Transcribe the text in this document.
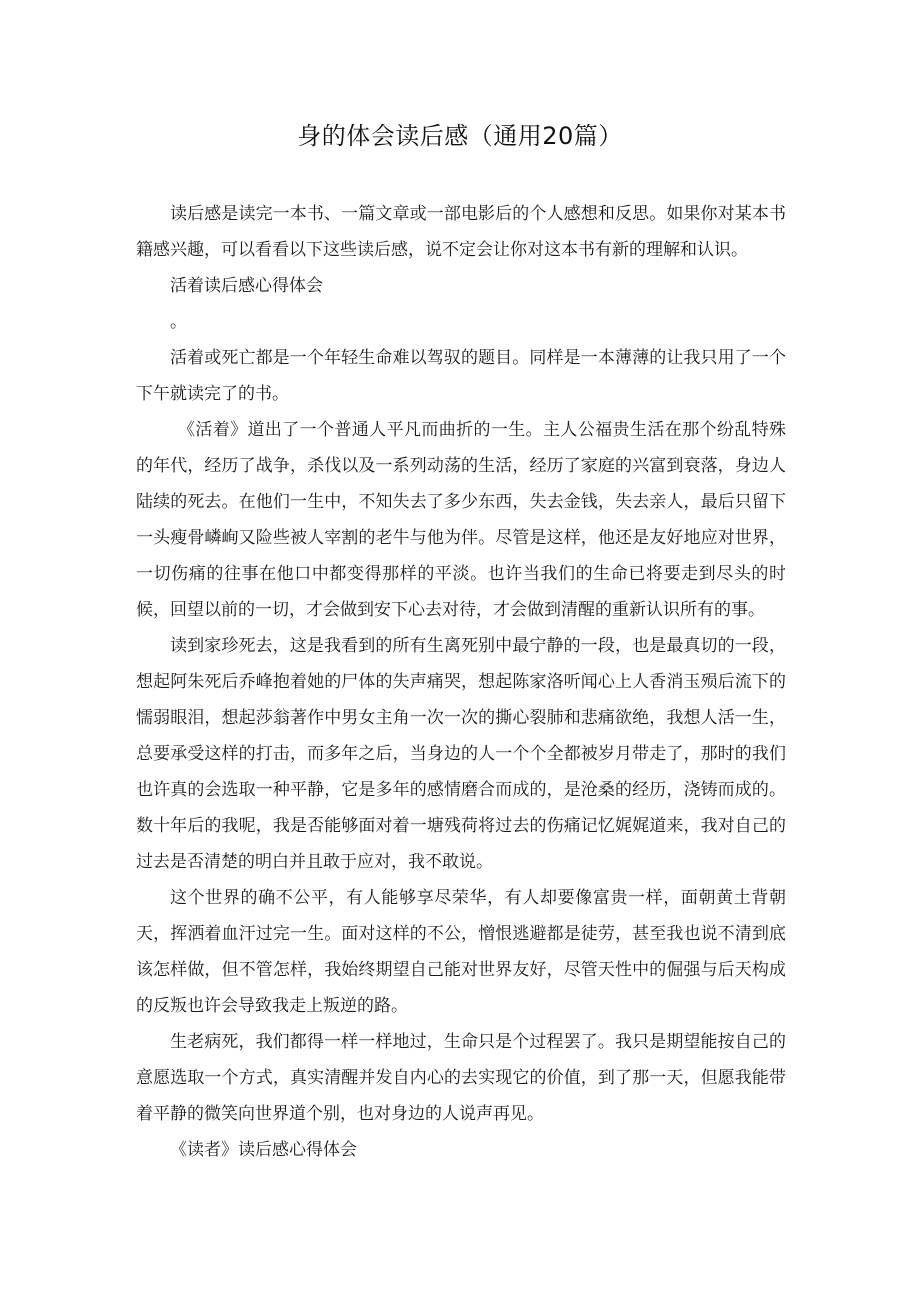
身的体会读后感（通用20篇）

读后感是读完一本书、一篇文章或一部电影后的个人感想和反思。如果你对某本书籍感兴趣，可以看看以下这些读后感，说不定会让你对这本书有新的理解和认识。

活着读后感心得体会

。

活着或死亡都是一个年轻生命难以驾驭的题目。同样是一本薄薄的让我只用了一个下午就读完了的书。

《活着》道出了一个普通人平凡而曲折的一生。主人公福贵生活在那个纷乱特殊的年代，经历了战争，杀伐以及一系列动荡的生活，经历了家庭的兴富到衰落，身边人陆续的死去。在他们一生中，不知失去了多少东西，失去金钱，失去亲人，最后只留下一头瘦骨嶙峋又险些被人宰割的老牛与他为伴。尽管是这样，他还是友好地应对世界，一切伤痛的往事在他口中都变得那样的平淡。也许当我们的生命已将要走到尽头的时候，回望以前的一切，才会做到安下心去对待，才会做到清醒的重新认识所有的事。

读到家珍死去，这是我看到的所有生离死别中最宁静的一段，也是最真切的一段，想起阿朱死后乔峰抱着她的尸体的失声痛哭，想起陈家洛听闻心上人香消玉殒后流下的懦弱眼泪，想起莎翁著作中男女主角一次一次的撕心裂肺和悲痛欲绝，我想人活一生，总要承受这样的打击，而多年之后，当身边的人一个个全都被岁月带走了，那时的我们也许真的会选取一种平静，它是多年的感情磨合而成的，是沧桑的经历，浇铸而成的。数十年后的我呢，我是否能够面对着一塘残荷将过去的伤痛记忆娓娓道来，我对自己的过去是否清楚的明白并且敢于应对，我不敢说。

这个世界的确不公平，有人能够享尽荣华，有人却要像富贵一样，面朝黄土背朝天，挥洒着血汗过完一生。面对这样的不公，憎恨逃避都是徒劳，甚至我也说不清到底该怎样做，但不管怎样，我始终期望自己能对世界友好，尽管天性中的倔强与后天构成的反叛也许会导致我走上叛逆的路。

生老病死，我们都得一样一样地过，生命只是个过程罢了。我只是期望能按自己的意愿选取一个方式，真实清醒并发自内心的去实现它的价值，到了那一天，但愿我能带着平静的微笑向世界道个别，也对身边的人说声再见。

《读者》读后感心得体会
